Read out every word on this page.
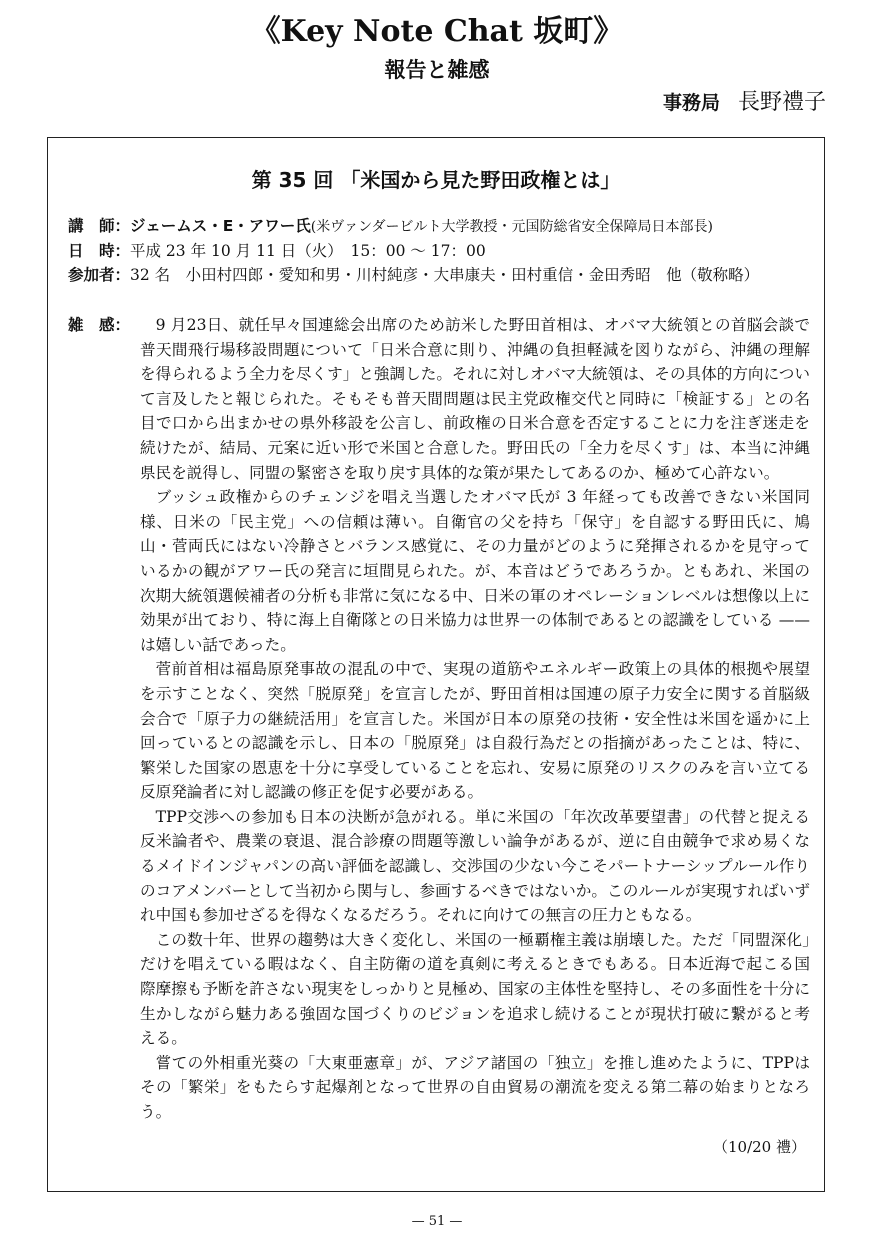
《Key Note Chat 坂町》
報告と雑感
事務局 長野禮子
第 35 回 「米国から見た野田政権とは」
講　師：ジェームス・E・アワー氏(米ヴァンダービルト大学教授・元国防総省安全保障局日本部長)
日　時：平成 23 年 10 月 11 日（火）　15：00 ～ 17：00
参加者：32 名　小田村四郎・愛知和男・川村純彦・大串康夫・田村重信・金田秀昭　他（敬称略）
雑　感：	9 月23日、就任早々国連総会出席のため訪米した野田首相は、オバマ大統領との首脳会談で普天間飛行場移設問題について「日米合意に則り、沖縄の負担軽減を図りながら、沖縄の理解を得られるよう全力を尽くす」と強調した。それに対しオバマ大統領は、その具体的方向について言及したと報じられた。そもそも普天間問題は民主党政権交代と同時に「検証する」との名目で口から出まかせの県外移設を公言し、前政権の日米合意を否定することに力を注ぎ迷走を続けたが、結局、元案に近い形で米国と合意した。野田氏の「全力を尽くす」は、本当に沖縄県民を説得し、同盟の緊密さを取り戻す具体的な策が果たしてあるのか、極めて心許ない。

ブッシュ政権からのチェンジを唱え当選したオバマ氏が 3 年経っても改善できない米国同様、日米の「民主党」への信頼は薄い。自衛官の父を持ち「保守」を自認する野田氏に、鳩山・菅両氏にはない冷静さとバランス感覚に、その力量がどのように発揮されるかを見守っているかの観がアワー氏の発言に垣間見られた。が、本音はどうであろうか。ともあれ、米国の次期大統領選候補者の分析も非常に気になる中、日米の軍のオペレーションレベルは想像以上に効果が出ており、特に海上自衛隊との日米協力は世界一の体制であるとの認識をしている —— は嬉しい話であった。

菅前首相は福島原発事故の混乱の中で、実現の道筋やエネルギー政策上の具体的根拠や展望を示すことなく、突然「脱原発」を宣言したが、野田首相は国連の原子力安全に関する首脳級会合で「原子力の継続活用」を宣言した。米国が日本の原発の技術・安全性は米国を遥かに上回っているとの認識を示し、日本の「脱原発」は自殺行為だとの指摘があったことは、特に、繁栄した国家の恩恵を十分に享受していることを忘れ、安易に原発のリスクのみを言い立てる反原発論者に対し認識の修正を促す必要がある。

TPP交渉への参加も日本の決断が急がれる。単に米国の「年次改革要望書」の代替と捉える反米論者や、農業の衰退、混合診療の問題等激しい論争があるが、逆に自由競争で求め易くなるメイドインジャパンの高い評価を認識し、交渉国の少ない今こそパートナーシップルール作りのコアメンバーとして当初から関与し、参画するべきではないか。このルールが実現すればいずれ中国も参加せざるを得なくなるだろう。それに向けての無言の圧力ともなる。

この数十年、世界の趨勢は大きく変化し、米国の一極覇権主義は崩壊した。ただ「同盟深化」だけを唱えている暇はなく、自主防衛の道を真剣に考えるときでもある。日本近海で起こる国際摩擦も予断を許さない現実をしっかりと見極め、国家の主体性を堅持し、その多面性を十分に生かしながら魅力ある強固な国づくりのビジョンを追求し続けることが現状打破に繋がると考える。

嘗ての外相重光葵の「大東亜憲章」が、アジア諸国の「独立」を推し進めたように、TPPはその「繁栄」をもたらす起爆剤となって世界の自由貿易の潮流を変える第二幕の始まりとなろう。

（10/20 禮）
— 51 —
